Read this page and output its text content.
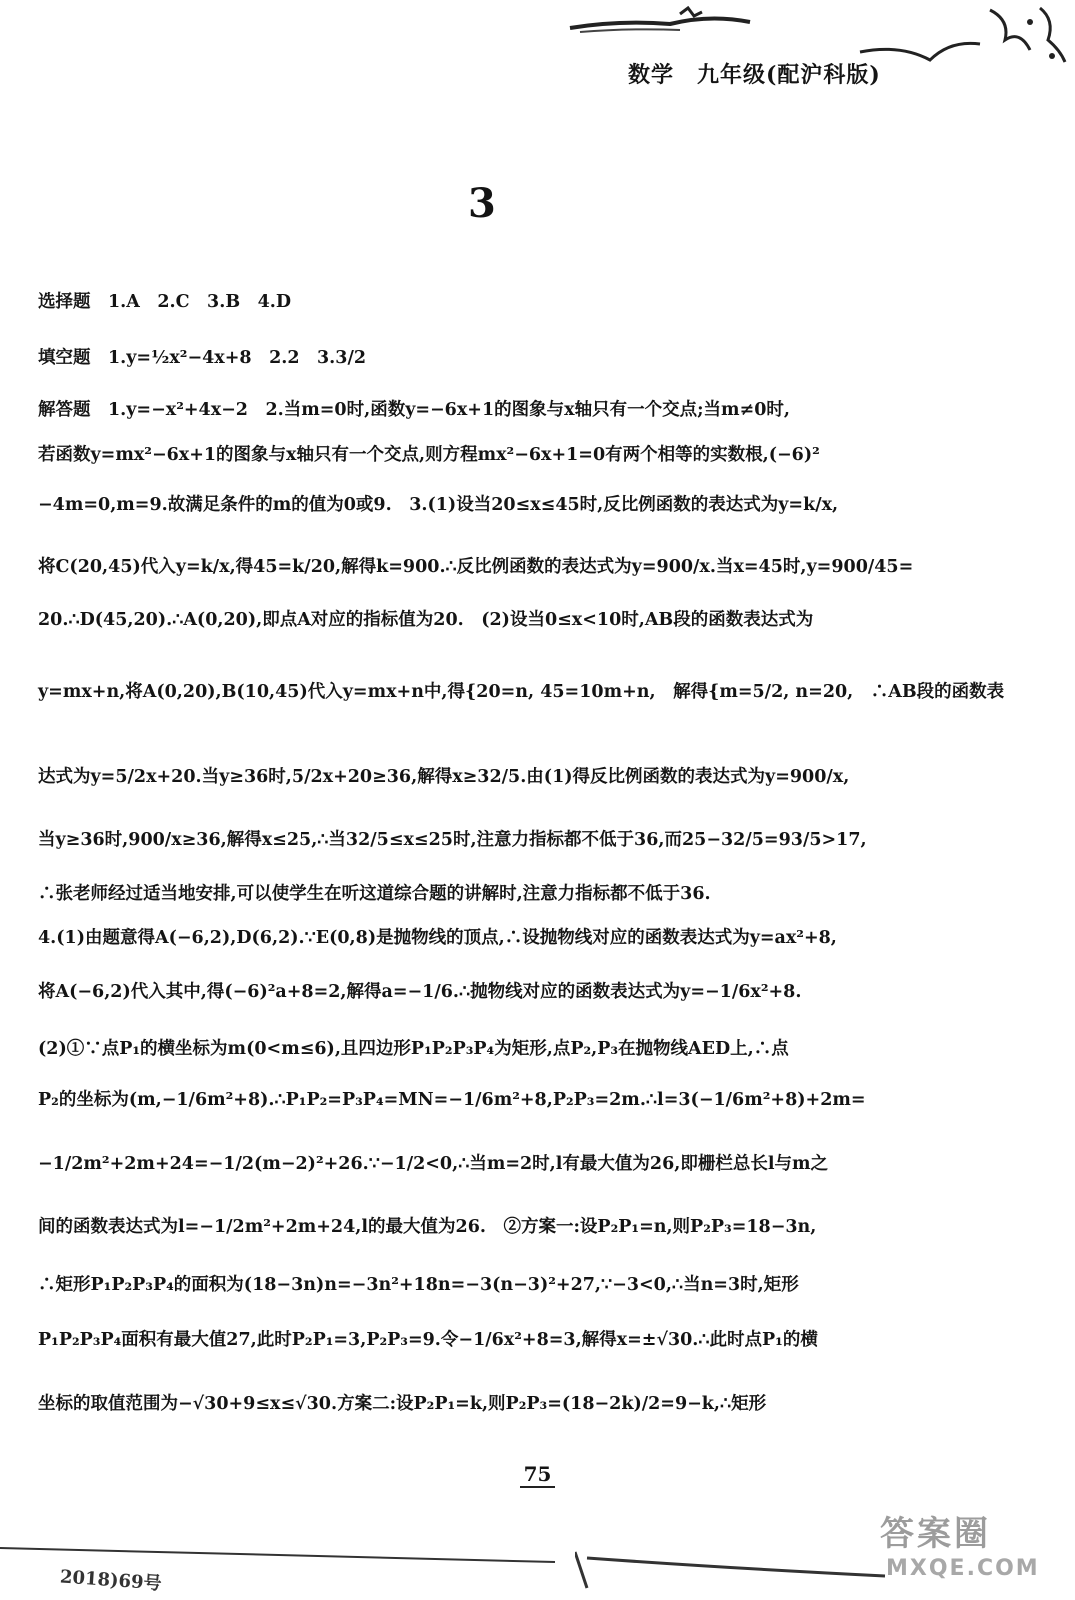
数学　九年级(配沪科版)
3
选择题　1.A　2.C　3.B　4.D
填空题　1.y=½x²−4x+8　2.2　3.3/2
解答题　1.y=−x²+4x−2　2.当m=0时,函数y=−6x+1的图象与x轴只有一个交点;当m≠0时,
若函数y=mx²−6x+1的图象与x轴只有一个交点,则方程mx²−6x+1=0有两个相等的实数根,(−6)²
−4m=0,m=9.故满足条件的m的值为0或9.　3.(1)设当20≤x≤45时,反比例函数的表达式为y=k/x,
将C(20,45)代入y=k/x,得45=k/20,解得k=900.∴反比例函数的表达式为y=900/x.当x=45时,y=900/45=
20.∴D(45,20).∴A(0,20),即点A对应的指标值为20.　(2)设当0≤x<10时,AB段的函数表达式为
y=mx+n,将A(0,20),B(10,45)代入y=mx+n中,得{20=n, 45=10m+n,　解得{m=5/2, n=20,　∴AB段的函数表
达式为y=5/2x+20.当y≥36时,5/2x+20≥36,解得x≥32/5.由(1)得反比例函数的表达式为y=900/x,
当y≥36时,900/x≥36,解得x≤25,∴当32/5≤x≤25时,注意力指标都不低于36,而25−32/5=93/5>17,
∴张老师经过适当地安排,可以使学生在听这道综合题的讲解时,注意力指标都不低于36.
4.(1)由题意得A(−6,2),D(6,2).∵E(0,8)是抛物线的顶点,∴设抛物线对应的函数表达式为y=ax²+8,
将A(−6,2)代入其中,得(−6)²a+8=2,解得a=−1/6.∴抛物线对应的函数表达式为y=−1/6x²+8.
(2)①∵点P₁的横坐标为m(0<m≤6),且四边形P₁P₂P₃P₄为矩形,点P₂,P₃在抛物线AED上,∴点
P₂的坐标为(m,−1/6m²+8).∴P₁P₂=P₃P₄=MN=−1/6m²+8,P₂P₃=2m.∴l=3(−1/6m²+8)+2m=
−1/2m²+2m+24=−1/2(m−2)²+26.∵−1/2<0,∴当m=2时,l有最大值为26,即栅栏总长l与m之
间的函数表达式为l=−1/2m²+2m+24,l的最大值为26.　②方案一:设P₂P₁=n,则P₂P₃=18−3n,
∴矩形P₁P₂P₃P₄的面积为(18−3n)n=−3n²+18n=−3(n−3)²+27,∵−3<0,∴当n=3时,矩形
P₁P₂P₃P₄面积有最大值27,此时P₂P₁=3,P₂P₃=9.令−1/6x²+8=3,解得x=±√30.∴此时点P₁的横
坐标的取值范围为−√30+9≤x≤√30.方案二:设P₂P₁=k,则P₂P₃=(18−2k)/2=9−k,∴矩形
75
2018)69号
答案圈
MXQE.COM
